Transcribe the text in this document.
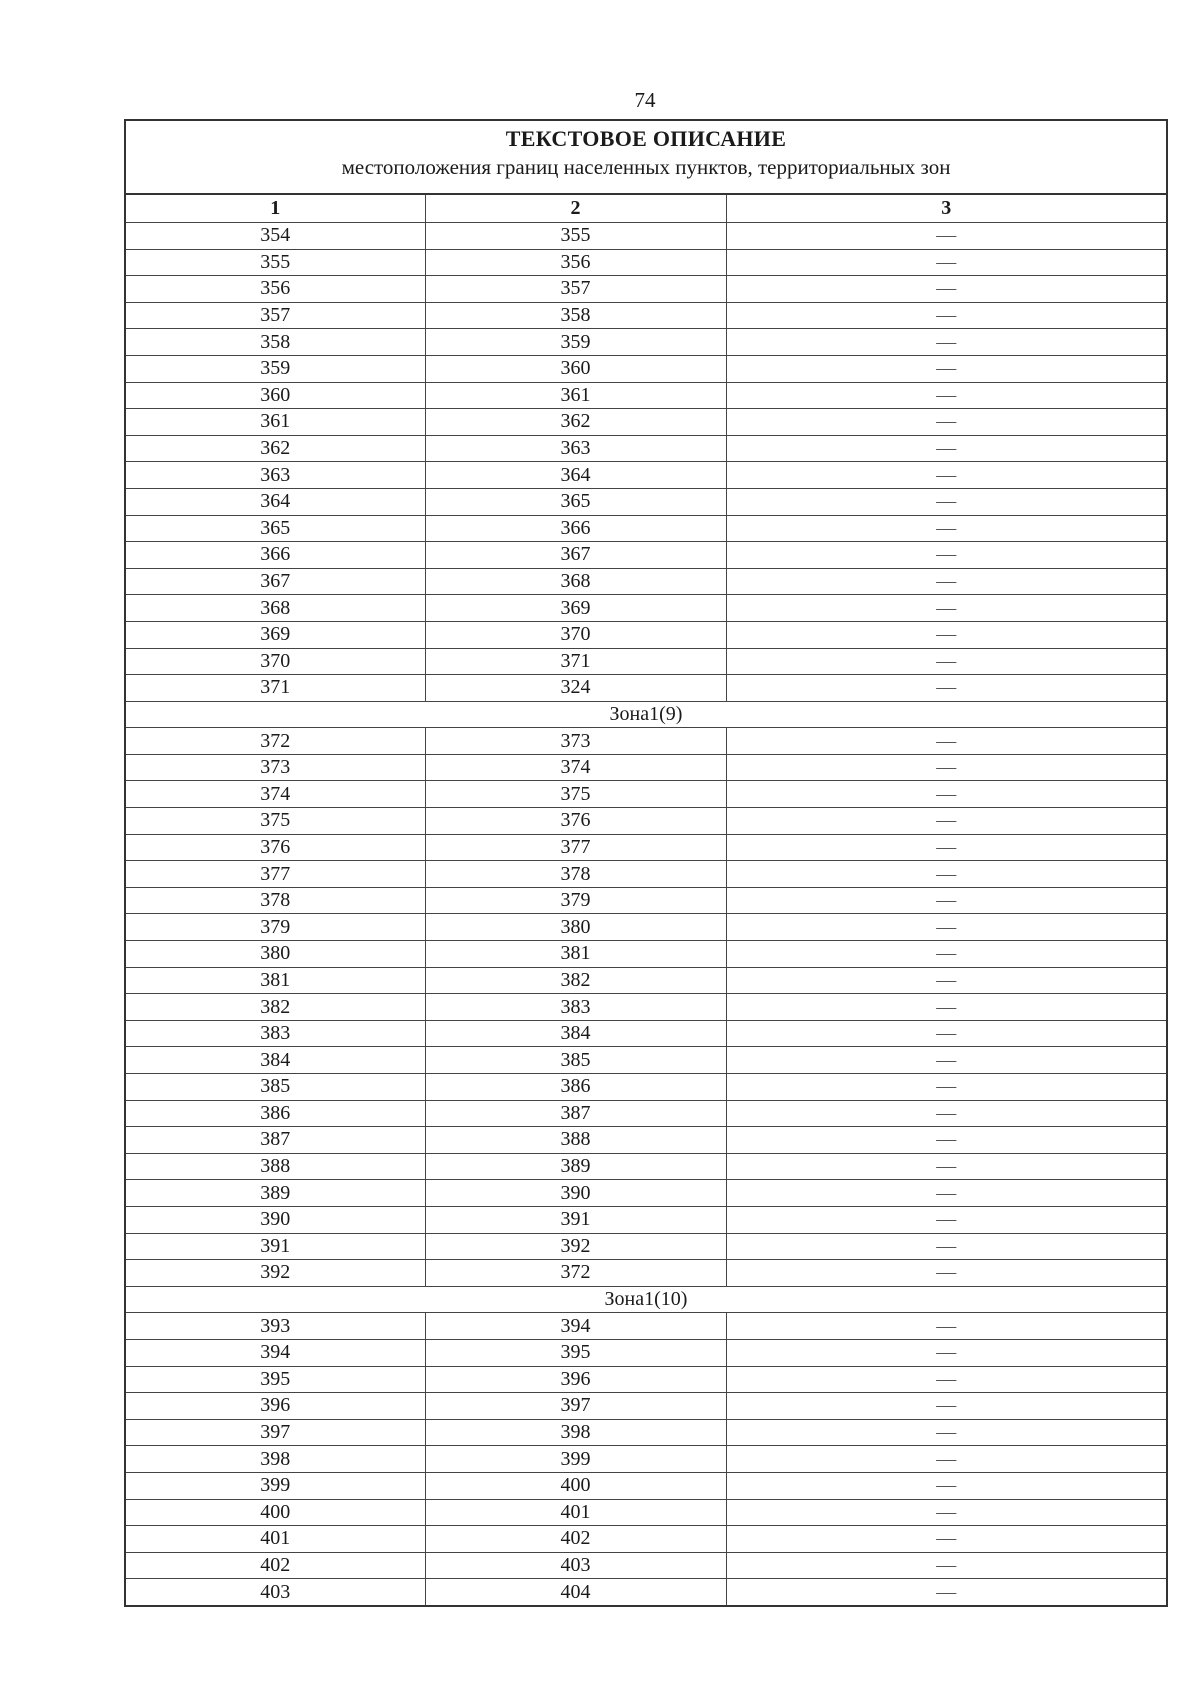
74
ТЕКСТОВОЕ ОПИСАНИЕ
местоположения границ населенных пунктов, территориальных зон		

1	2	3
354	355	—
355	356	—
356	357	—
357	358	—
358	359	—
359	360	—
360	361	—
361	362	—
362	363	—
363	364	—
364	365	—
365	366	—
366	367	—
367	368	—
368	369	—
369	370	—
370	371	—
371	324	—
Зона1(9)		
372	373	—
373	374	—
374	375	—
375	376	—
376	377	—
377	378	—
378	379	—
379	380	—
380	381	—
381	382	—
382	383	—
383	384	—
384	385	—
385	386	—
386	387	—
387	388	—
388	389	—
389	390	—
390	391	—
391	392	—
392	372	—
Зона1(10)		
393	394	—
394	395	—
395	396	—
396	397	—
397	398	—
398	399	—
399	400	—
400	401	—
401	402	—
402	403	—
403	404	—
